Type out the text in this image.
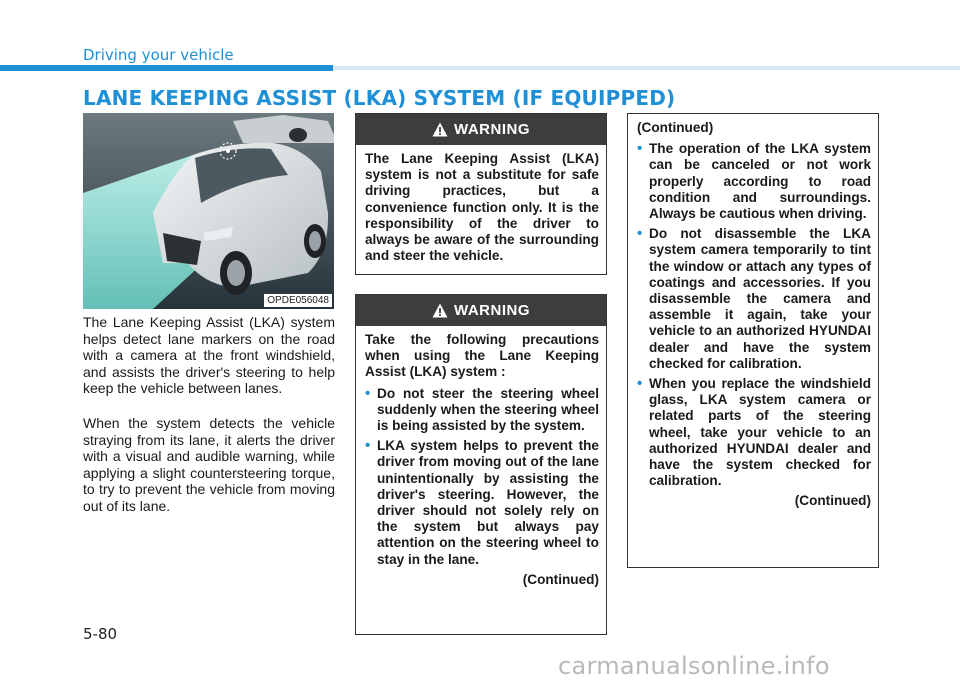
Driving your vehicle
LANE KEEPING ASSIST (LKA) SYSTEM (IF EQUIPPED)
OPDE056048

The Lane Keeping Assist (LKA) system helps detect lane markers on the road with a camera at the front windshield, and assists the driver's steering to help keep the vehicle between lanes.

When the system detects the vehicle straying from its lane, it alerts the driver with a visual and audible warning, while applying a slight countersteering torque, to try to prevent the vehicle from moving out of its lane.

WARNING
The Lane Keeping Assist (LKA) system is not a substitute for safe driving practices, but a convenience function only. It is the responsibility of the driver to always be aware of the surrounding and steer the vehicle.
WARNING
Take the following precautions when using the Lane Keeping Assist (LKA) system :
• Do not steer the steering wheel suddenly when the steering wheel is being assisted by the system.
• LKA system helps to prevent the driver from moving out of the lane unintentionally by assisting the driver's steering. However, the driver should not solely rely on the system but always pay attention on the steering wheel to stay in the lane.
(Continued)
(Continued)
• The operation of the LKA system can be canceled or not work properly according to road condition and surroundings. Always be cautious when driving.
• Do not disassemble the LKA system camera temporarily to tint the window or attach any types of coatings and accessories. If you disassemble the camera and assemble it again, take your vehicle to an authorized HYUNDAI dealer and have the system checked for calibration.
• When you replace the windshield glass, LKA system camera or related parts of the steering wheel, take your vehicle to an authorized HYUNDAI dealer and have the system checked for calibration.
(Continued)
5-80
carmanualsonline.info
